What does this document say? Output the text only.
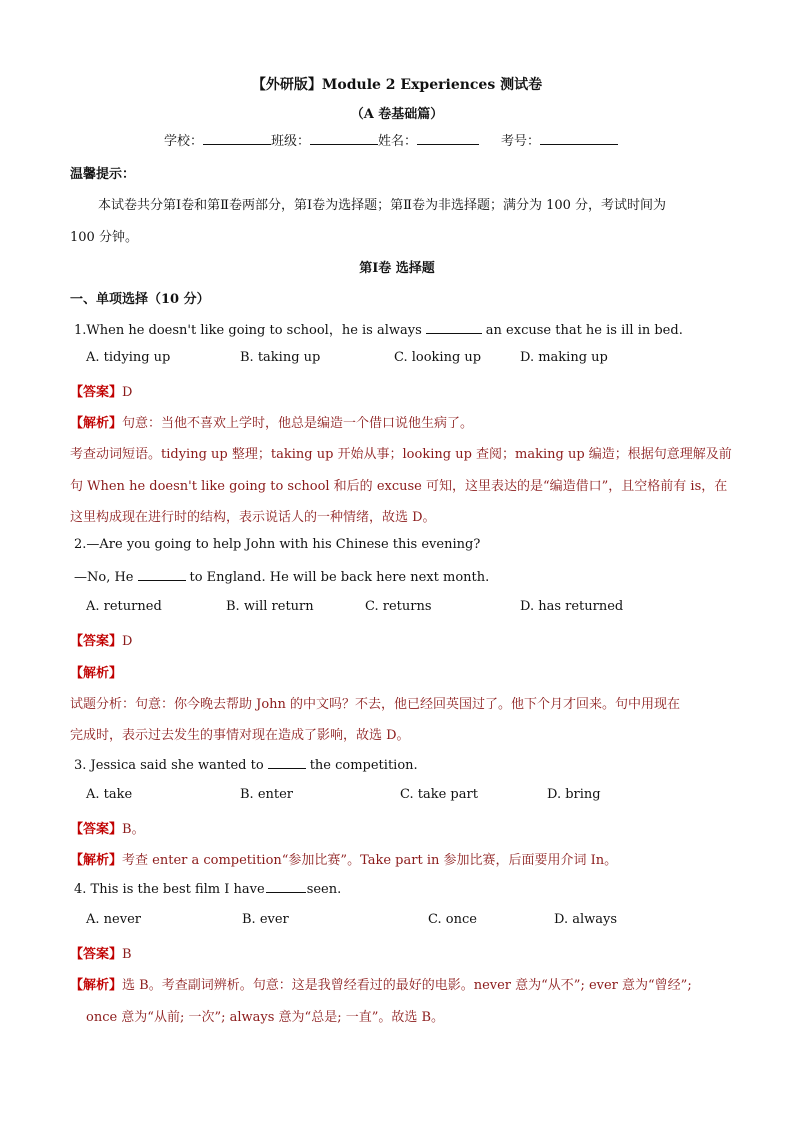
【外研版】Module 2 Experiences 测试卷
（A 卷基础篇）
学校：	班级：	姓名：	考号：
温馨提示：
本试卷共分第Ⅰ卷和第Ⅱ卷两部分，第Ⅰ卷为选择题；第Ⅱ卷为非选择题；满分为 100 分，考试时间为
100 分钟。
第Ⅰ卷 选择题
一、单项选择（10 分）
1.When he doesn't like going to school，he is always	an excuse that he is ill in bed.
A. tidying up	B. taking up	C. looking up	D. making up
【答案】D
【解析】句意：当他不喜欢上学时，他总是编造一个借口说他生病了。
考查动词短语。tidying up 整理；taking up 开始从事；looking up 查阅；making up 编造；根据句意理解及前
句 When he doesn't like going to school 和后的 excuse 可知，这里表达的是“编造借口”，且空格前有 is，在
这里构成现在进行时的结构，表示说话人的一种情绪，故选 D。
2.—Are you going to help John with his Chinese this evening?
—No, He	to England. He will be back here next month.
A. returned	B. will return	C. returns	D. has returned
【答案】D
【解析】
试题分析：句意：你今晚去帮助 John 的中文吗？不去，他已经回英国过了。他下个月才回来。句中用现在
完成时，表示过去发生的事情对现在造成了影响，故选 D。
3. Jessica said she wanted to	the competition.
A. take	B. enter	C. take part	D. bring
【答案】B。
【解析】考查 enter a competition“参加比赛”。Take part in 参加比赛，后面要用介词 In。
4. This is the best film I have	seen.
A. never	B. ever	C. once	D. always
【答案】B
【解析】选 B。考查副词辨析。句意：这是我曾经看过的最好的电影。never 意为“从不”; ever 意为“曾经”;
once 意为“从前; 一次”; always 意为“总是; 一直”。故选 B。
